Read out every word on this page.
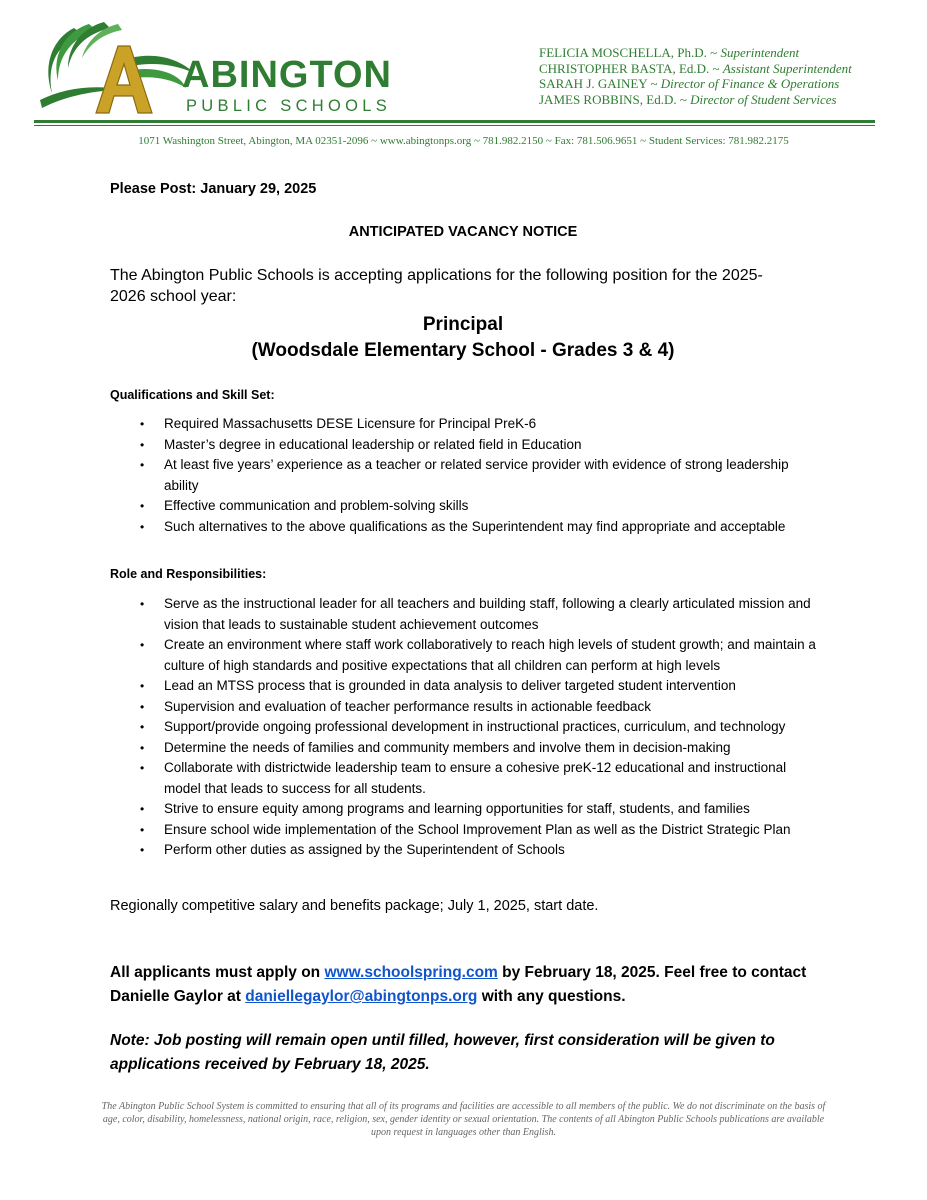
ABINGTON
PUBLIC SCHOOLS
FELICIA MOSCHELLA, Ph.D. ~ Superintendent
CHRISTOPHER BASTA, Ed.D. ~ Assistant Superintendent
SARAH J. GAINEY ~ Director of Finance & Operations
JAMES ROBBINS, Ed.D. ~ Director of Student Services
1071 Washington Street, Abington, MA 02351-2096 ~ www.abingtonps.org ~ 781.982.2150 ~ Fax: 781.506.9651 ~ Student Services: 781.982.2175
Please Post: January 29, 2025
ANTICIPATED VACANCY NOTICE
The Abington Public Schools is accepting applications for the following position for the 2025-
2026 school year:
Principal
(Woodsdale Elementary School - Grades 3 & 4)
Qualifications and Skill Set:
• Required Massachusetts DESE Licensure for Principal PreK-6
• Master’s degree in educational leadership or related field in Education
• At least five years’ experience as a teacher or related service provider with evidence of strong leadership ability
• Effective communication and problem-solving skills
• Such alternatives to the above qualifications as the Superintendent may find appropriate and acceptable
Role and Responsibilities:
• Serve as the instructional leader for all teachers and building staff, following a clearly articulated mission and vision that leads to sustainable student achievement outcomes
• Create an environment where staff work collaboratively to reach high levels of student growth; and maintain a culture of high standards and positive expectations that all children can perform at high levels
• Lead an MTSS process that is grounded in data analysis to deliver targeted student intervention
• Supervision and evaluation of teacher performance results in actionable feedback
• Support/provide ongoing professional development in instructional practices, curriculum, and technology
• Determine the needs of families and community members and involve them in decision-making
• Collaborate with districtwide leadership team to ensure a cohesive preK-12 educational and instructional model that leads to success for all students.
• Strive to ensure equity among programs and learning opportunities for staff, students, and families
• Ensure school wide implementation of the School Improvement Plan as well as the District Strategic Plan
• Perform other duties as assigned by the Superintendent of Schools
Regionally competitive salary and benefits package; July 1, 2025, start date.
All applicants must apply on www.schoolspring.com by February 18, 2025. Feel free to contact Danielle Gaylor at daniellegaylor@abingtonps.org with any questions.
Note: Job posting will remain open until filled, however, first consideration will be given to applications received by February 18, 2025.
The Abington Public School System is committed to ensuring that all of its programs and facilities are accessible to all members of the public. We do not discriminate on the basis of age, color, disability, homelessness, national origin, race, religion, sex, gender identity or sexual orientation. The contents of all Abington Public Schools publications are available upon request in languages other than English.
